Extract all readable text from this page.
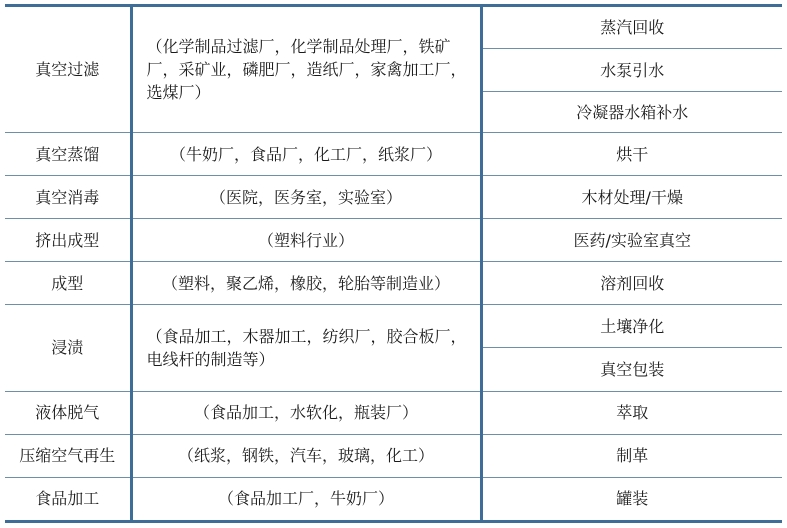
真空过滤	（化学制品过滤厂，化学制品处理厂，铁矿厂，采矿业，磷肥厂，造纸厂，家禽加工厂，选煤厂）	蒸汽回收
		水泵引水
		冷凝器水箱补水
真空蒸馏	（牛奶厂，食品厂，化工厂，纸浆厂）	烘干
真空消毒	（医院，医务室，实验室）	木材处理/干燥
挤出成型	（塑料行业）	医药/实验室真空
成型	（塑料，聚乙烯，橡胶，轮胎等制造业）	溶剂回收
浸渍	（食品加工，木器加工，纺织厂，胶合板厂，电线杆的制造等）	土壤净化
		真空包装
液体脱气	（食品加工，水软化，瓶装厂）	萃取
压缩空气再生	（纸浆，钢铁，汽车，玻璃，化工）	制革
食品加工	（食品加工厂，牛奶厂）	罐装
